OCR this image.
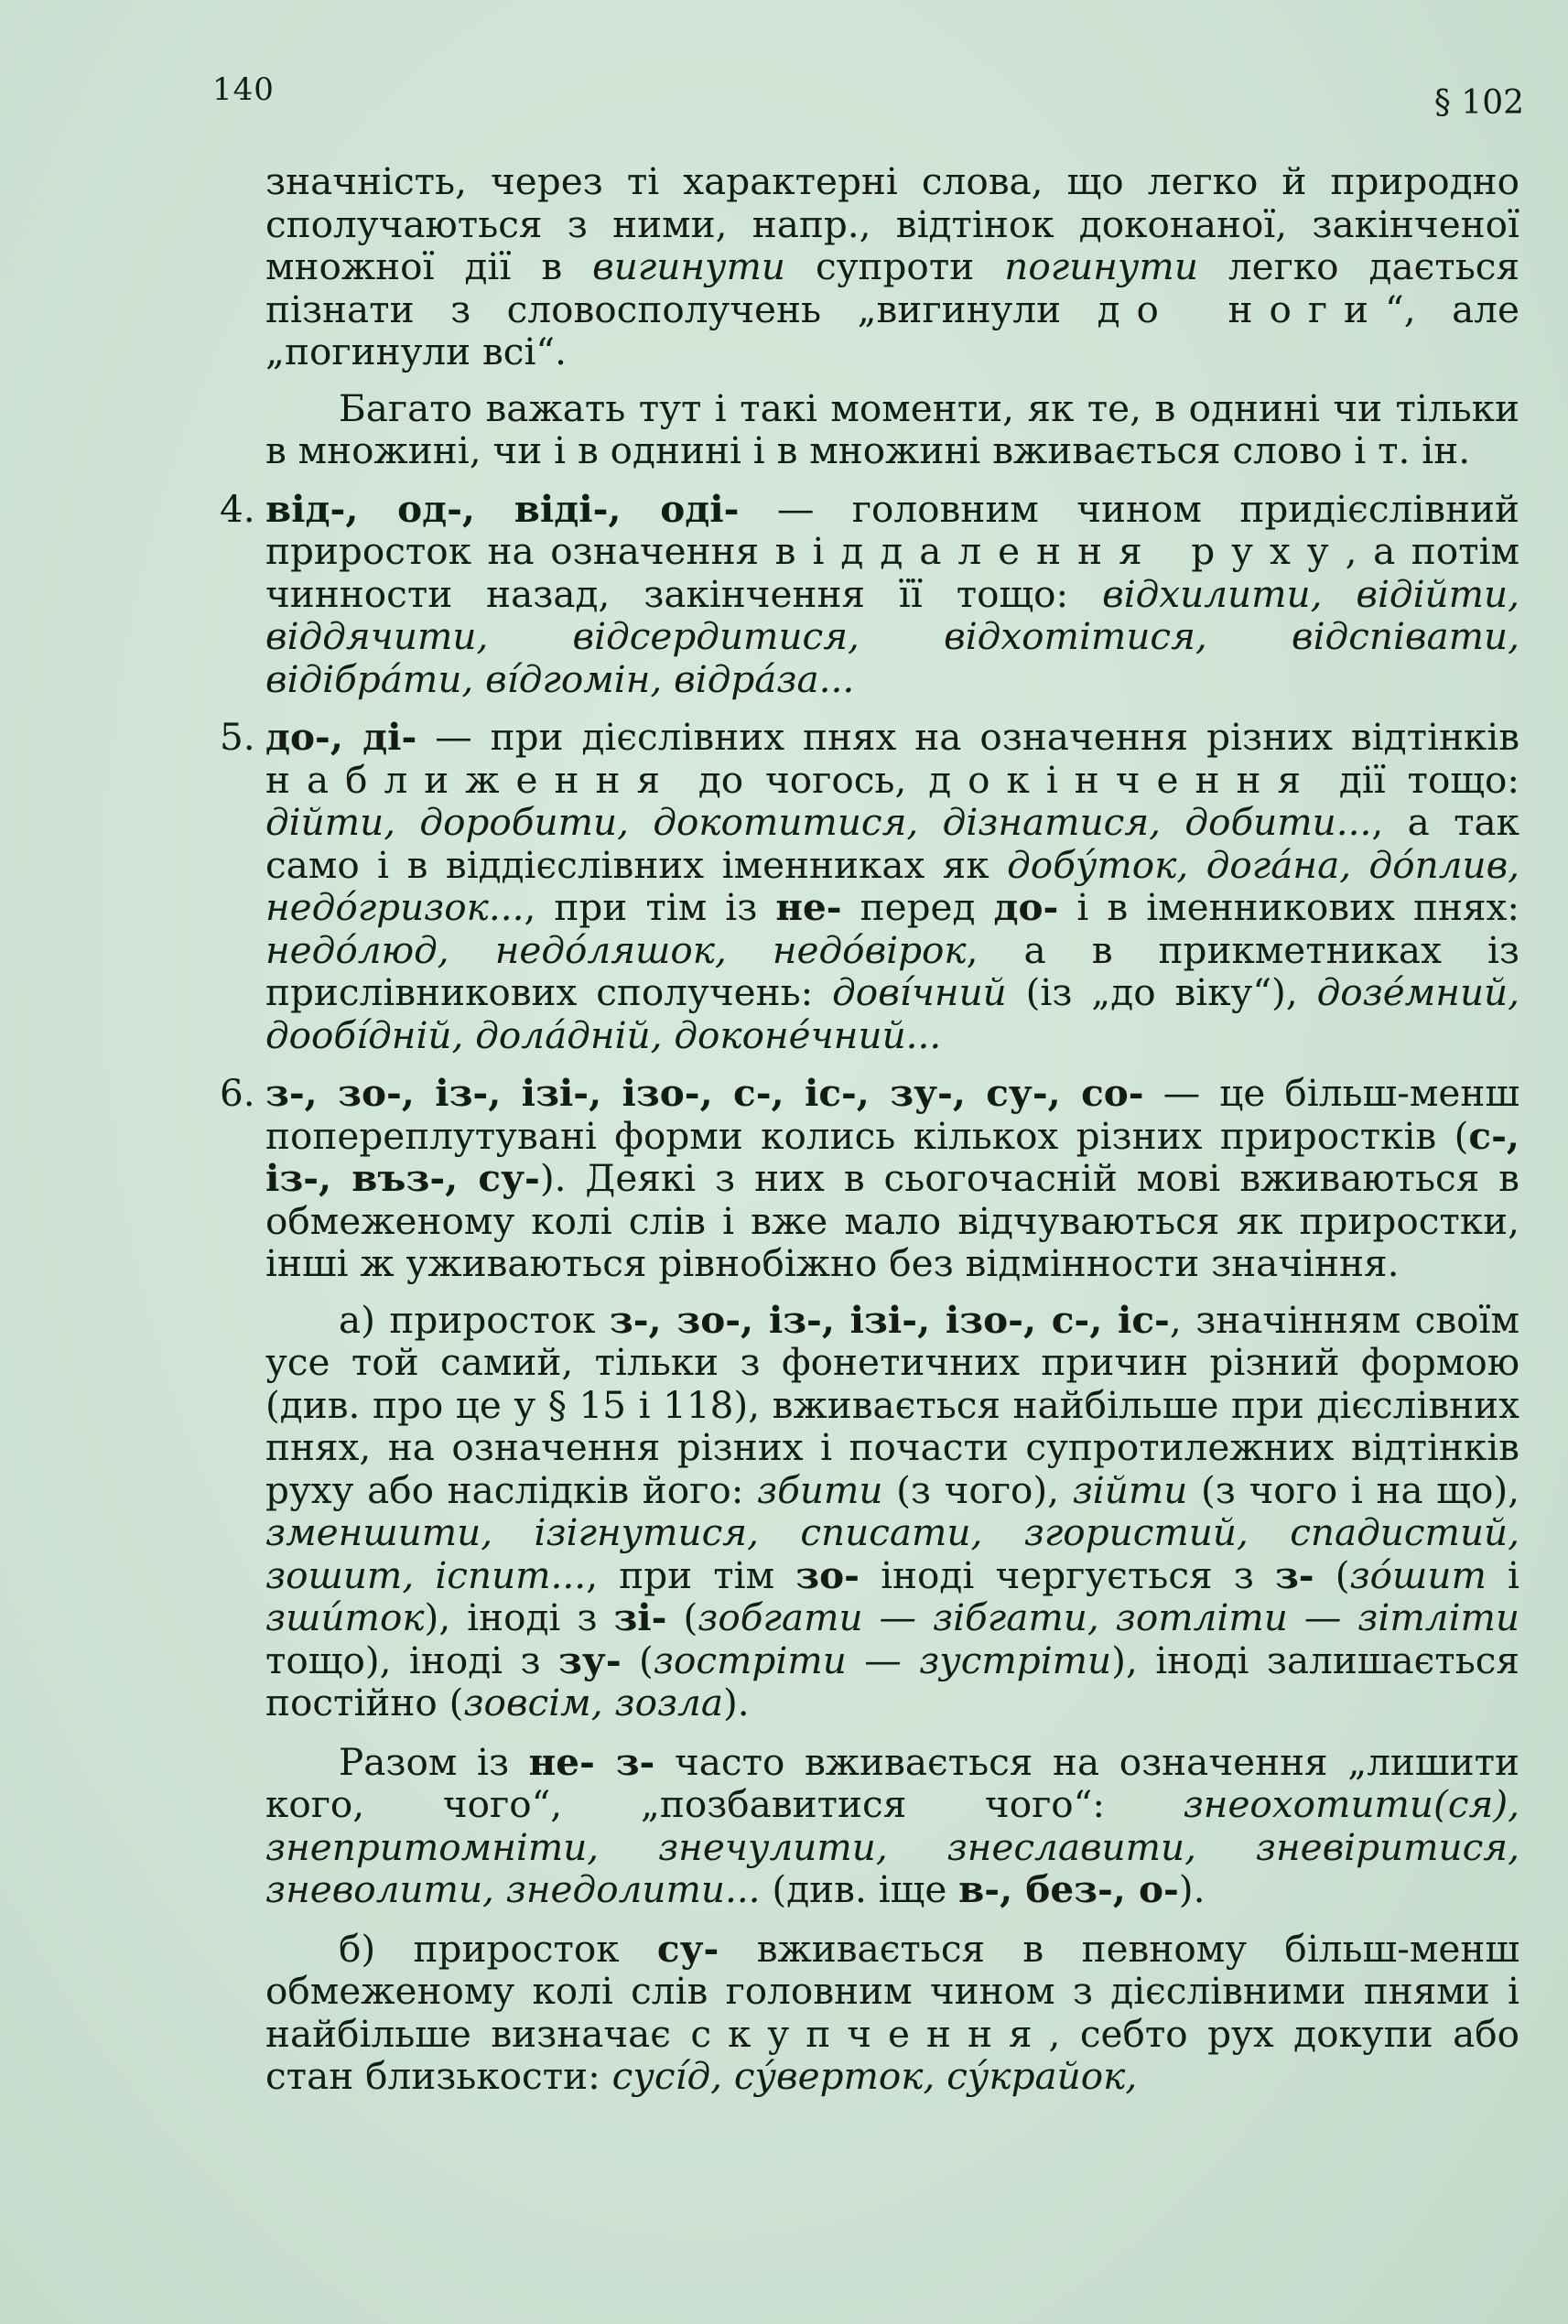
140	§ 102

значність, через ті характерні слова, що легко й природно сполучаються з ними, напр., відтінок доконаної, закінченої множної дії в вигинути супроти погинути легко дається пізнати з словосполучень „вигинули до ноги“, але „погинули всі“.

Багато важать тут і такі моменти, як те, в однині чи тільки в множині, чи і в однині і в множині вживається слово і т. ін.

4. від-, од-, віді-, оді- — головним чином придієслівний приросток на означення віддалення руху, а потім чинности назад, закінчення її тощо: відхилити, відійти, віддячити, відсердитися, відхотітися, відспівати, відібра́ти, ві́дгомін, відра́за...

5. до-, ді- — при дієслівних пнях на означення різних відтінків наближення до чогось, докінчення дії тощо: дійти, доробити, докотитися, дізнатися, добити..., а так само і в віддієслівних іменниках як добу́ток, дога́на, до́плив, недо́гризок..., при тім із не- перед до- і в іменникових пнях: недо́люд, недо́ляшок, недо́вірок, а в прикметниках із прислівникових сполучень: дові́чний (із „до віку“), дозе́мний, доoбі́дній, дола́дній, доконе́чний...

6. з-, зо-, із-, ізі-, ізо-, с-, іс-, зу-, су-, со- — це більш-менш попереплутувані форми колись кількох різних приростків (с-, із-, въз-, су-). Деякі з них в сьогочасній мові вживаються в обмеженому колі слів і вже мало відчуваються як приростки, інші ж уживаються рівнобіжно без відмінности значіння.

а) приросток з-, зо-, із-, ізі-, ізо-, с-, іс-, значінням своїм усе той самий, тільки з фонетичних причин різний формою (див. про це у § 15 і 118), вживається найбільше при дієслівних пнях, на означення різних і почасти супротилежних відтінків руху або наслідків його: збити (з чого), зійти (з чого і на що), зменшити, ізігнутися, списати, згористий, спадистий, зошит, іспит..., при тім зо- іноді чергується з з- (зо́шит і зши́ток), іноді з зі- (зобгати — зібгати, зотліти — зітліти тощо), іноді з зу- (зостріти — зустріти), іноді залишається постійно (зовсім, зозла).

Разом із не- з- часто вживається на означення „лишити кого, чого“, „позбавитися чого“: знеохотити(ся), знепритомніти, знечулити, знеславити, зневіритися, зневолити, знедолити... (див. іще в-, без-, о-).

б) приросток су- вживається в певному більш-менш обмеженому колі слів головним чином з дієслівними пнями і найбільше визначає скупчення, себто рух докупи або стан близькости: сусі́д, су́верток, су́крайок,
